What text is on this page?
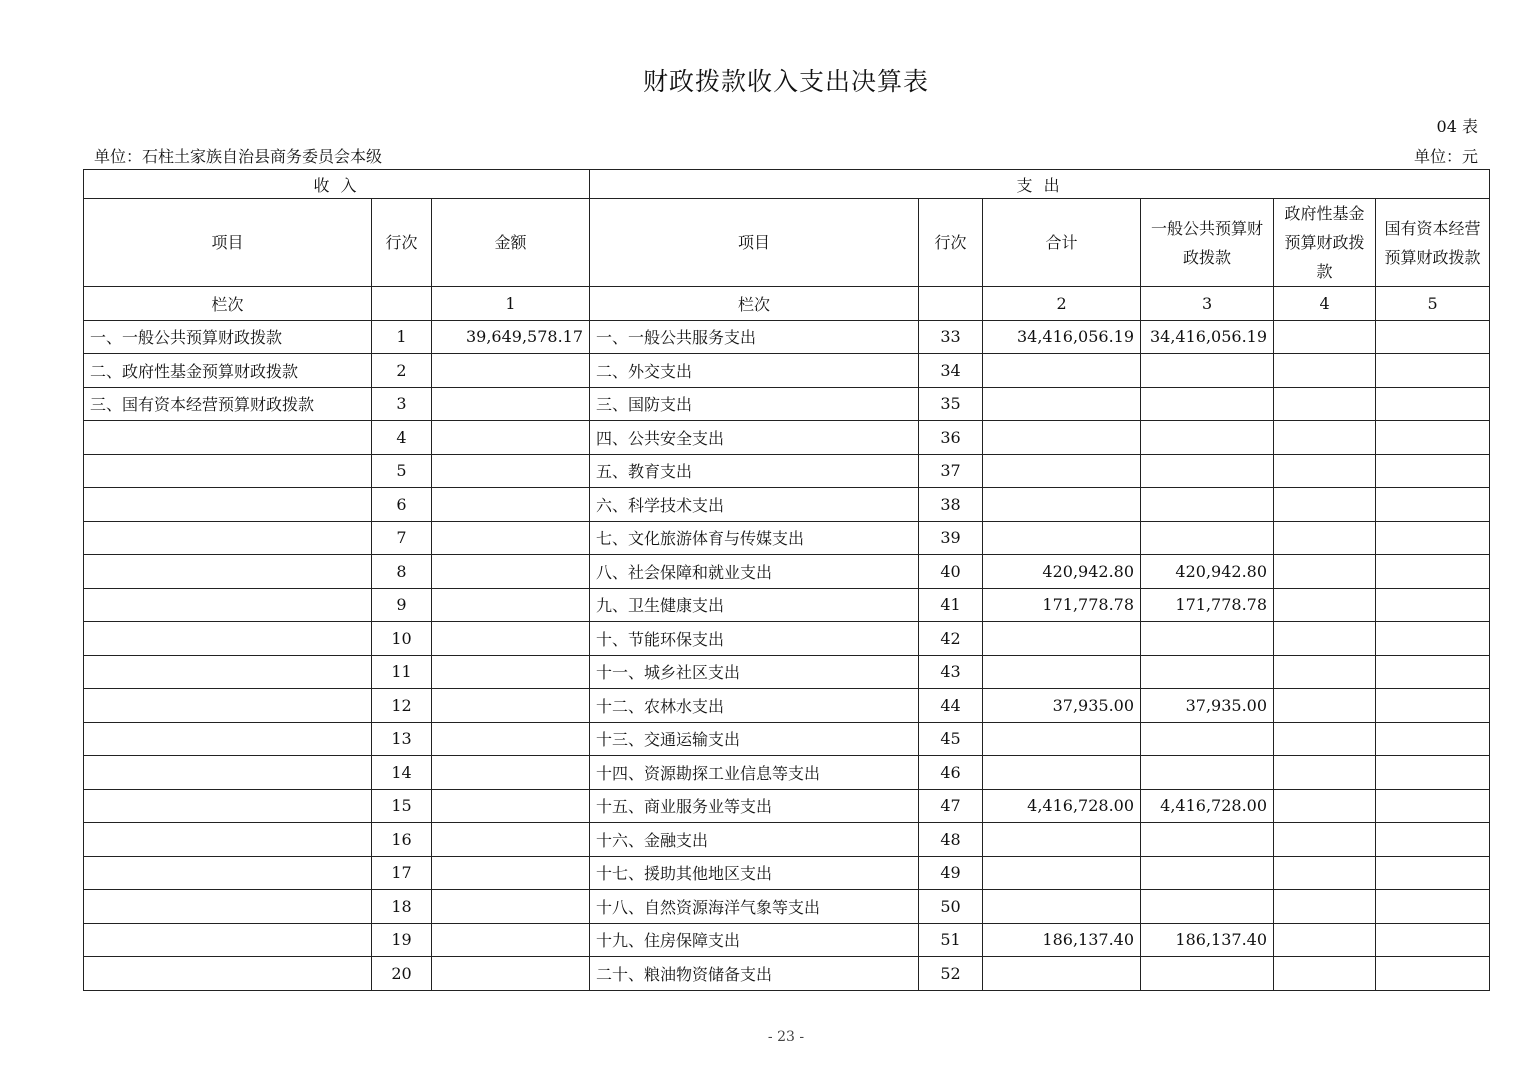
财政拨款收入支出决算表
04 表
单位：石柱土家族自治县商务委员会本级	单位：元
收 入			支 出					
项目	行次	金额	项目	行次	合计	一般公共预算财政拨款	政府性基金预算财政拨款	国有资本经营预算财政拨款
栏次		1	栏次		2	3	4	5
一、一般公共预算财政拨款	1	39,649,578.17	一、一般公共服务支出	33	34,416,056.19	34,416,056.19		
二、政府性基金预算财政拨款	2		二、外交支出	34				
三、国有资本经营预算财政拨款	3		三、国防支出	35				
	4		四、公共安全支出	36				
	5		五、教育支出	37				
	6		六、科学技术支出	38				
	7		七、文化旅游体育与传媒支出	39				
	8		八、社会保障和就业支出	40	420,942.80	420,942.80		
	9		九、卫生健康支出	41	171,778.78	171,778.78		
	10		十、节能环保支出	42				
	11		十一、城乡社区支出	43				
	12		十二、农林水支出	44	37,935.00	37,935.00		
	13		十三、交通运输支出	45				
	14		十四、资源勘探工业信息等支出	46				
	15		十五、商业服务业等支出	47	4,416,728.00	4,416,728.00		
	16		十六、金融支出	48				
	17		十七、援助其他地区支出	49				
	18		十八、自然资源海洋气象等支出	50				
	19		十九、住房保障支出	51	186,137.40	186,137.40		
	20		二十、粮油物资储备支出	52				
- 23 -
